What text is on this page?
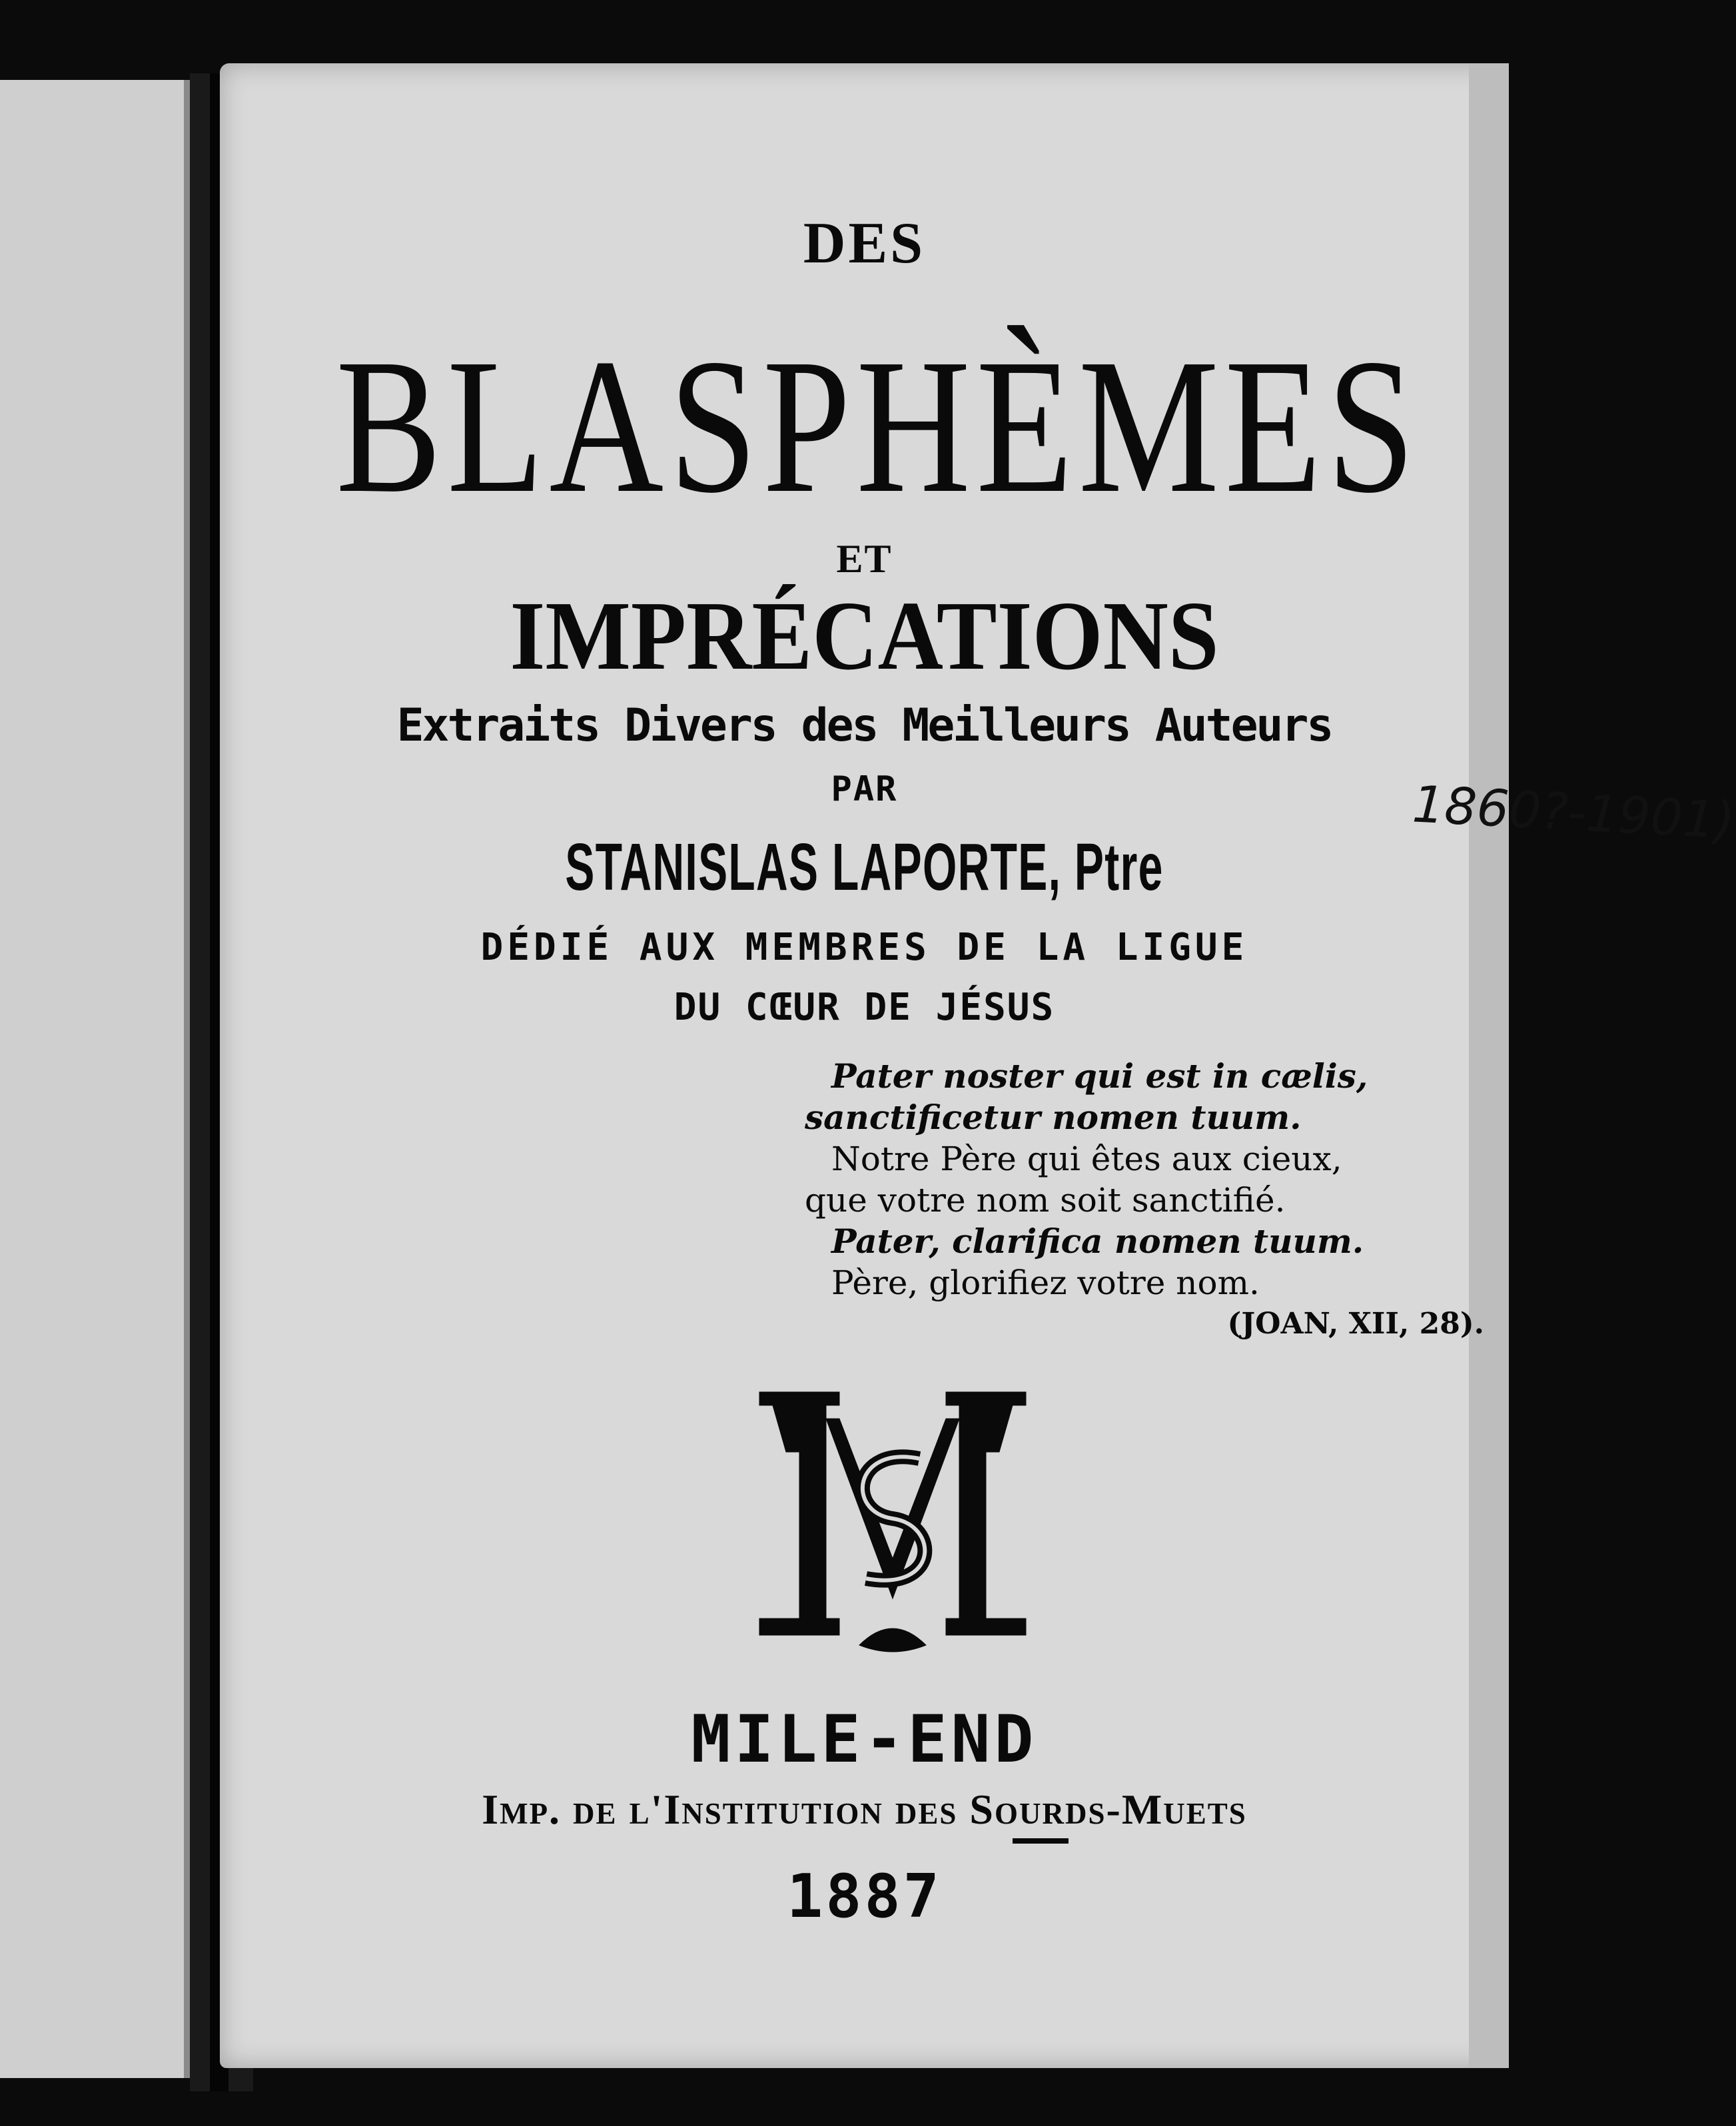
DES
BLASPHÈMES
ET
IMPRÉCATIONS
Extraits Divers des Meilleurs Auteurs
PAR
STANISLAS LAPORTE, Ptre
1860?-1901)
DÉDIÉ AUX MEMBRES DE LA LIGUE
DU CŒUR DE JÉSUS
Pater noster qui est in cælis,
sanctificetur nomen tuum.
Notre Père qui êtes aux cieux,
que votre nom soit sanctifié.
Pater, clarifica nomen tuum.
Père, glorifiez votre nom.
(JOAN, XII, 28).
MILE-END
Imp. de l'Institution des Sourds-Muets
1887
